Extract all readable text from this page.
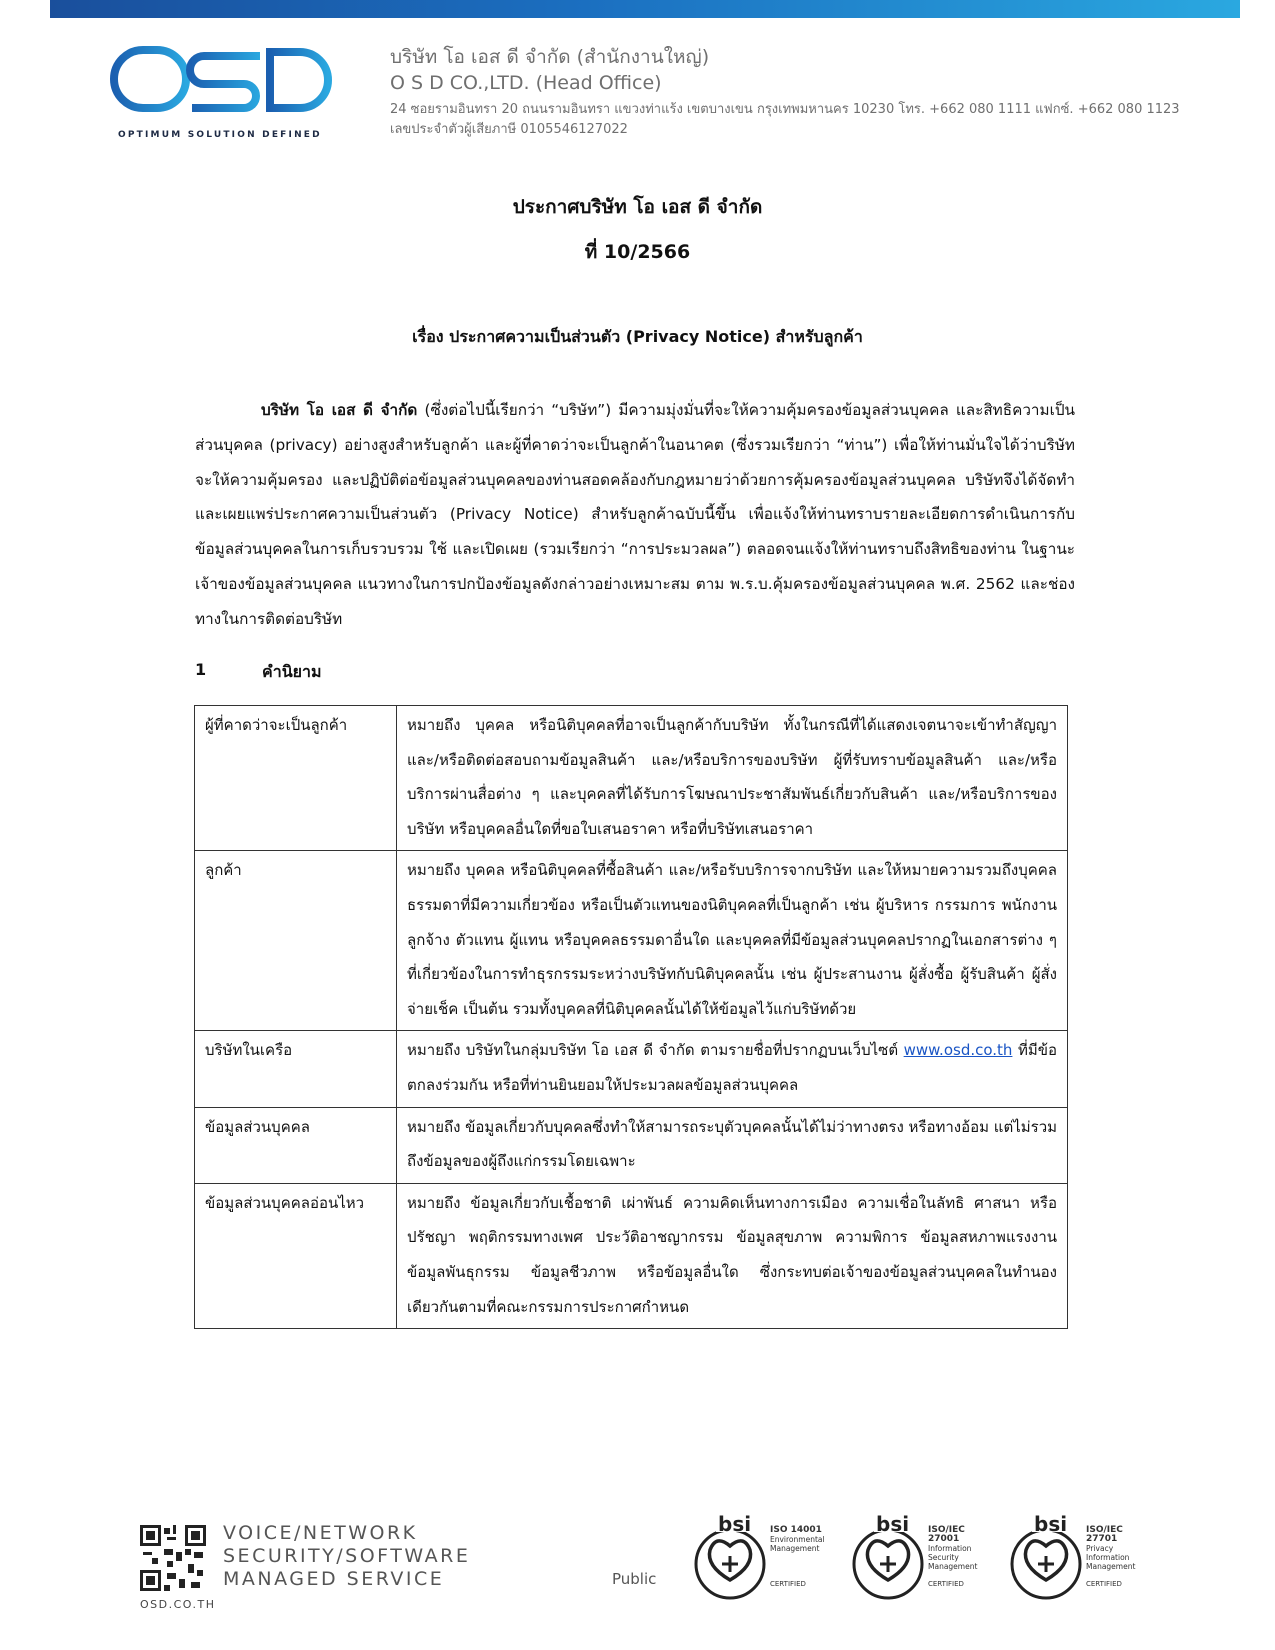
OPTIMUM SOLUTION DEFINED
บริษัท โอ เอส ดี จำกัด (สำนักงานใหญ่)
O S D CO.,LTD. (Head Office)
24 ซอยรามอินทรา 20 ถนนรามอินทรา แขวงท่าแร้ง เขตบางเขน กรุงเทพมหานคร 10230 โทร. +662 080 1111 แฟกซ์. +662 080 1123
เลขประจำตัวผู้เสียภาษี 0105546127022
ประกาศบริษัท โอ เอส ดี จำกัด
ที่ 10/2566
เรื่อง ประกาศความเป็นส่วนตัว (Privacy Notice) สำหรับลูกค้า
บริษัท โอ เอส ดี จำกัด (ซึ่งต่อไปนี้เรียกว่า “บริษัท”) มีความมุ่งมั่นที่จะให้ความคุ้มครองข้อมูลส่วนบุคคล และสิทธิความเป็นส่วนบุคคล (privacy) อย่างสูงสำหรับลูกค้า และผู้ที่คาดว่าจะเป็นลูกค้าในอนาคต (ซึ่งรวมเรียกว่า “ท่าน”) เพื่อให้ท่านมั่นใจได้ว่าบริษัทจะให้ความคุ้มครอง และปฏิบัติต่อข้อมูลส่วนบุคคลของท่านสอดคล้องกับกฎหมายว่าด้วยการคุ้มครองข้อมูลส่วนบุคคล บริษัทจึงได้จัดทำ และเผยแพร่ประกาศความเป็นส่วนตัว (Privacy Notice) สำหรับลูกค้าฉบับนี้ขึ้น เพื่อแจ้งให้ท่านทราบรายละเอียดการดำเนินการกับข้อมูลส่วนบุคคลในการเก็บรวบรวม ใช้ และเปิดเผย (รวมเรียกว่า “การประมวลผล”) ตลอดจนแจ้งให้ท่านทราบถึงสิทธิของท่าน ในฐานะเจ้าของข้อมูลส่วนบุคคล แนวทางในการปกป้องข้อมูลดังกล่าวอย่างเหมาะสม ตาม พ.ร.บ.คุ้มครองข้อมูลส่วนบุคคล พ.ศ. 2562 และช่องทางในการติดต่อบริษัท
1	คำนิยาม
ผู้ที่คาดว่าจะเป็นลูกค้า	หมายถึง บุคคล หรือนิติบุคคลที่อาจเป็นลูกค้ากับบริษัท ทั้งในกรณีที่ได้แสดงเจตนาจะเข้าทำสัญญา และ/หรือติดต่อสอบถามข้อมูลสินค้า และ/หรือบริการของบริษัท ผู้ที่รับทราบข้อมูลสินค้า และ/หรือบริการผ่านสื่อต่าง ๆ และบุคคลที่ได้รับการโฆษณาประชาสัมพันธ์เกี่ยวกับสินค้า และ/หรือบริการของบริษัท หรือบุคคลอื่นใดที่ขอใบเสนอราคา หรือที่บริษัทเสนอราคา
ลูกค้า	หมายถึง บุคคล หรือนิติบุคคลที่ซื้อสินค้า และ/หรือรับบริการจากบริษัท และให้หมายความรวมถึงบุคคลธรรมดาที่มีความเกี่ยวข้อง หรือเป็นตัวแทนของนิติบุคคลที่เป็นลูกค้า เช่น ผู้บริหาร กรรมการ พนักงาน ลูกจ้าง ตัวแทน ผู้แทน หรือบุคคลธรรมดาอื่นใด และบุคคลที่มีข้อมูลส่วนบุคคลปรากฏในเอกสารต่าง ๆ ที่เกี่ยวข้องในการทำธุรกรรมระหว่างบริษัทกับนิติบุคคลนั้น เช่น ผู้ประสานงาน ผู้สั่งซื้อ ผู้รับสินค้า ผู้สั่งจ่ายเช็ค เป็นต้น รวมทั้งบุคคลที่นิติบุคคลนั้นได้ให้ข้อมูลไว้แก่บริษัทด้วย
บริษัทในเครือ	หมายถึง บริษัทในกลุ่มบริษัท โอ เอส ดี จำกัด ตามรายชื่อที่ปรากฏบนเว็บไซต์ www.osd.co.th ที่มีข้อตกลงร่วมกัน หรือที่ท่านยินยอมให้ประมวลผลข้อมูลส่วนบุคคล
ข้อมูลส่วนบุคคล	หมายถึง ข้อมูลเกี่ยวกับบุคคลซึ่งทำให้สามารถระบุตัวบุคคลนั้นได้ไม่ว่าทางตรง หรือทางอ้อม แต่ไม่รวมถึงข้อมูลของผู้ถึงแก่กรรมโดยเฉพาะ
ข้อมูลส่วนบุคคลอ่อนไหว	หมายถึง ข้อมูลเกี่ยวกับเชื้อชาติ เผ่าพันธ์ ความคิดเห็นทางการเมือง ความเชื่อในลัทธิ ศาสนา หรือปรัชญา พฤติกรรมทางเพศ ประวัติอาชญากรรม ข้อมูลสุขภาพ ความพิการ ข้อมูลสหภาพแรงงาน ข้อมูลพันธุกรรม ข้อมูลชีวภาพ หรือข้อมูลอื่นใด ซึ่งกระทบต่อเจ้าของข้อมูลส่วนบุคคลในทำนองเดียวกันตามที่คณะกรรมการประกาศกำหนด
OSD.CO.TH
VOICE/NETWORK
SECURITY/SOFTWARE
MANAGED SERVICE	Public
bsi ISO 14001
Environmental Management
CERTIFIED
bsi ISO/IEC 27001
Information Security Management
CERTIFIED
bsi ISO/IEC 27701
Privacy Information Management
CERTIFIED
